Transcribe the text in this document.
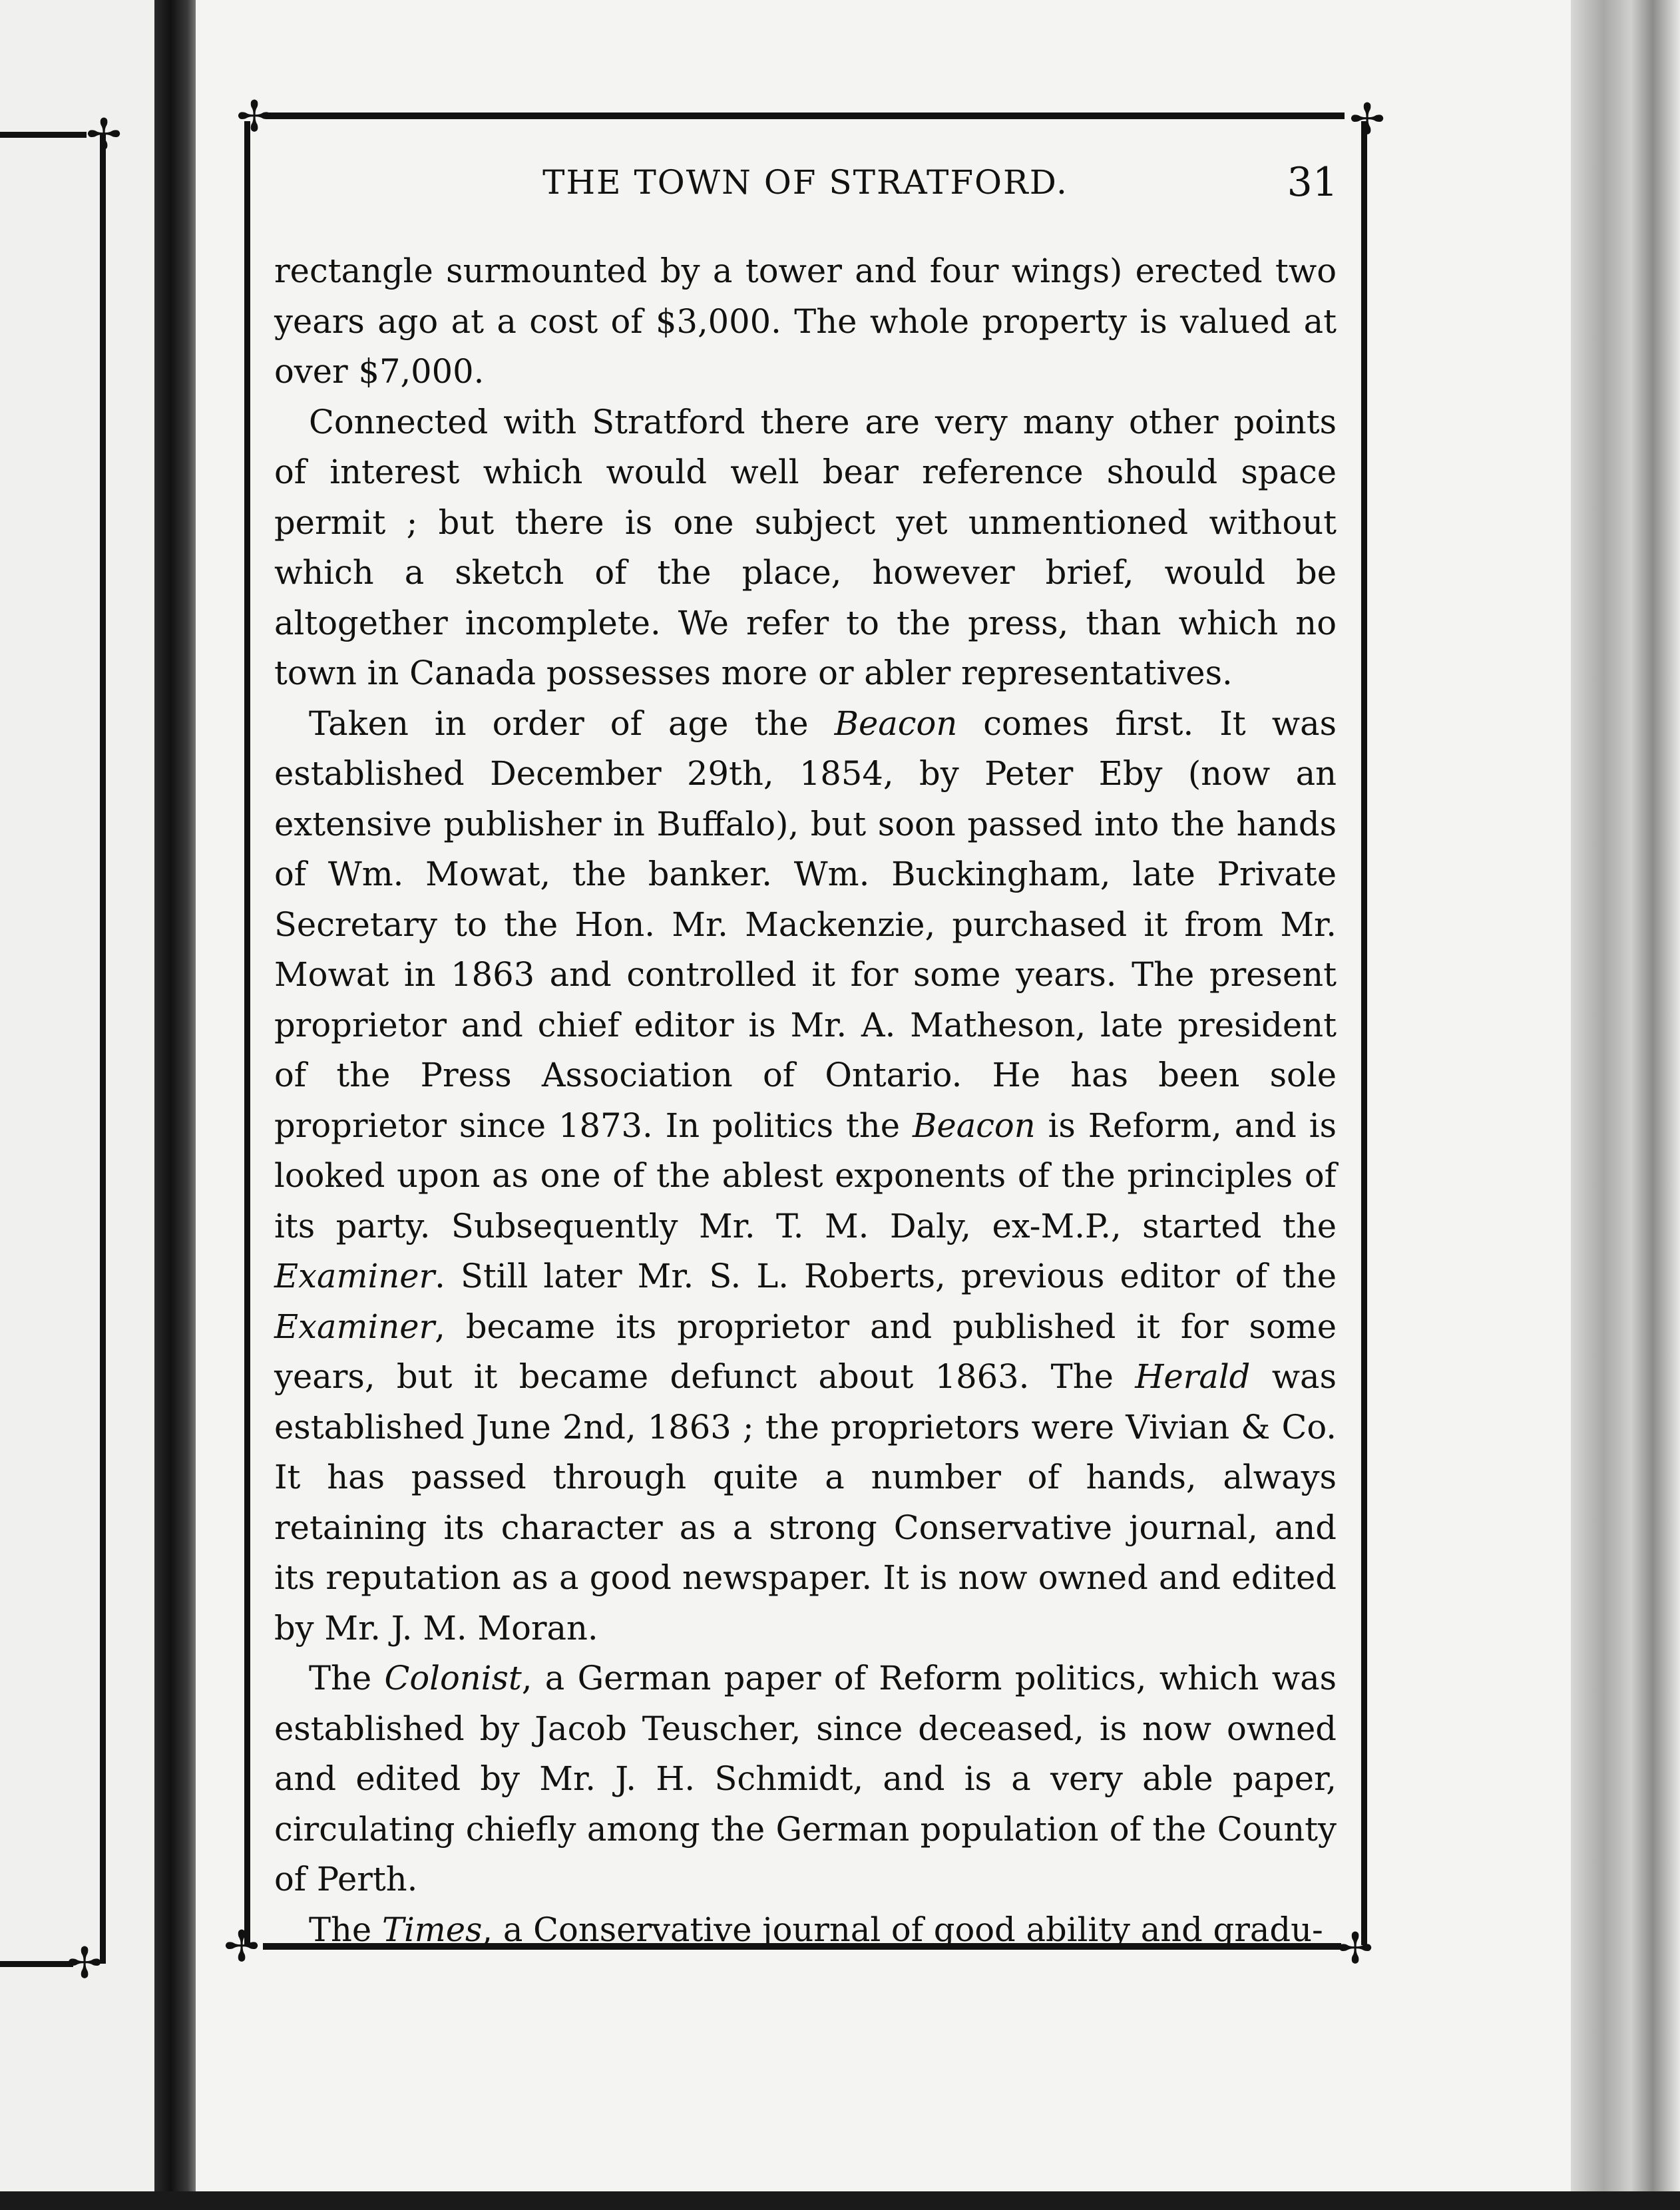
✢
✢
✢	✢
✢	✢
THE TOWN OF STRATFORD.	31

rectangle surmounted by a tower and four wings) erected two years ago at a cost of $3,000. The whole property is valued at over $7,000.

Connected with Stratford there are very many other points of interest which would well bear reference should space permit ; but there is one subject yet unmentioned without which a sketch of the place, however brief, would be altogether incomplete. We refer to the press, than which no town in Canada possesses more or abler representatives.

Taken in order of age the Beacon comes first. It was established December 29th, 1854, by Peter Eby (now an extensive publisher in Buffalo), but soon passed into the hands of Wm. Mowat, the banker. Wm. Buckingham, late Private Secretary to the Hon. Mr. Mackenzie, purchased it from Mr. Mowat in 1863 and controlled it for some years. The present proprietor and chief editor is Mr. A. Matheson, late president of the Press Association of Ontario. He has been sole proprietor since 1873. In politics the Beacon is Reform, and is looked upon as one of the ablest exponents of the principles of its party. Subsequently Mr. T. M. Daly, ex-M.P., started the Examiner. Still later Mr. S. L. Roberts, previous editor of the Examiner, became its proprietor and published it for some years, but it became defunct about 1863. The Herald was established June 2nd, 1863 ; the proprietors were Vivian & Co. It has passed through quite a number of hands, always retaining its character as a strong Conservative journal, and its reputation as a good newspaper. It is now owned and edited by Mr. J. M. Moran.

The Colonist, a German paper of Reform politics, which was established by Jacob Teuscher, since deceased, is now owned and edited by Mr. J. H. Schmidt, and is a very able paper, circulating chiefly among the German population of the County of Perth.

The Times, a Conservative journal of good ability and gradu-
